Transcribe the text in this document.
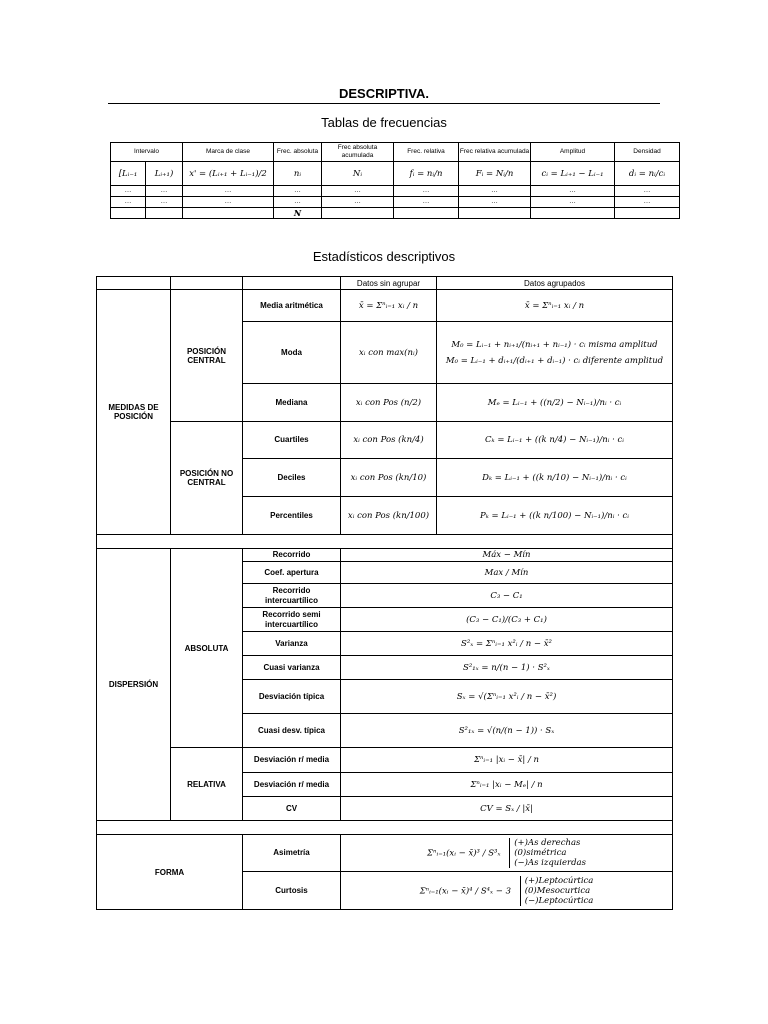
DESCRIPTIVA.
Tablas de frecuencias
Intervalo		Marca de clase	Frec. absoluta	Frec absoluta acumulada	Frec. relativa	Frec relativa acumulada	Amplitud	Densidad
[Lᵢ₋₁	Lᵢ₊₁)	x' = (Lᵢ₊₁ + Lᵢ₋₁)/2	nᵢ	Nᵢ	fᵢ = nᵢ/n	Fᵢ = Nᵢ/n	cᵢ = Lᵢ₊₁ − Lᵢ₋₁	dᵢ = nᵢ/cᵢ
…	…	…	…	…	…	…	…	…
…	…	…	…	…	…	…	…	…
			N					
Estadísticos descriptivos
			Datos sin agrupar	Datos agrupados
MEDIDAS DE POSICIÓN	POSICIÓN CENTRAL	Media aritmética	x̄ = Σⁿᵢ₌₁ xᵢ / n	x̄ = Σⁿᵢ₌₁ xᵢ / n
		Moda	xᵢ con max(nᵢ)	M₀ = Lᵢ₋₁ + nᵢ₊₁/(nᵢ₊₁ + nᵢ₋₁) · cᵢ misma amplitud
M₀ = Lᵢ₋₁ + dᵢ₊₁/(dᵢ₊₁ + dᵢ₋₁) · cᵢ diferente amplitud

		Mediana	xᵢ con Pos (n/2)	Mₑ = Lᵢ₋₁ + ((n/2) − Nᵢ₋₁)/nᵢ · cᵢ
	POSICIÓN NO CENTRAL	Cuartiles	xᵢ con Pos (kn/4)	Cₖ = Lᵢ₋₁ + ((k n/4) − Nᵢ₋₁)/nᵢ · cᵢ
		Deciles	xᵢ con Pos (kn/10)	Dₖ = Lᵢ₋₁ + ((k n/10) − Nᵢ₋₁)/nᵢ · cᵢ
		Percentiles	xᵢ con Pos (kn/100)	Pₖ = Lᵢ₋₁ + ((k n/100) − Nᵢ₋₁)/nᵢ · cᵢ

DISPERSIÓN	ABSOLUTA	Recorrido	Máx − Mín	
		Coef. apertura	Max / Mín	
		Recorrido intercuartílico	C₃ − C₁	
		Recorrido semi intercuartílico	(C₃ − C₁)/(C₃ + C₁)	
		Varianza	S²ₓ = Σⁿᵢ₌₁ x²ᵢ / n − x̄²	
		Cuasi varianza	S²₁ₓ = n/(n − 1) · S²ₓ	
		Desviación típica	Sₓ = √(Σⁿᵢ₌₁ x²ᵢ / n − x̄²)	
		Cuasi desv. típica	S²₁ₓ = √(n/(n − 1)) · Sₓ	
	RELATIVA	Desviación r/ media	Σⁿᵢ₌₁ |xᵢ − x̄| / n	
		Desviación r/ media	Σⁿᵢ₌₁ |xᵢ − Mₑ| / n	
		CV	CV = Sₓ / |x̄|	

FORMA		Asimetría	Σⁿᵢ₌₁(xᵢ − x̄)³ / S³ₓ
(+)As derechas
(0)simétrica
(−)As izquierdas	

		Curtosis	Σⁿᵢ₌₁(xᵢ − x̄)⁴ / S⁴ₓ − 3
(+)Leptocúrtica
(0)Mesocurtica
(−)Leptocúrtica	
